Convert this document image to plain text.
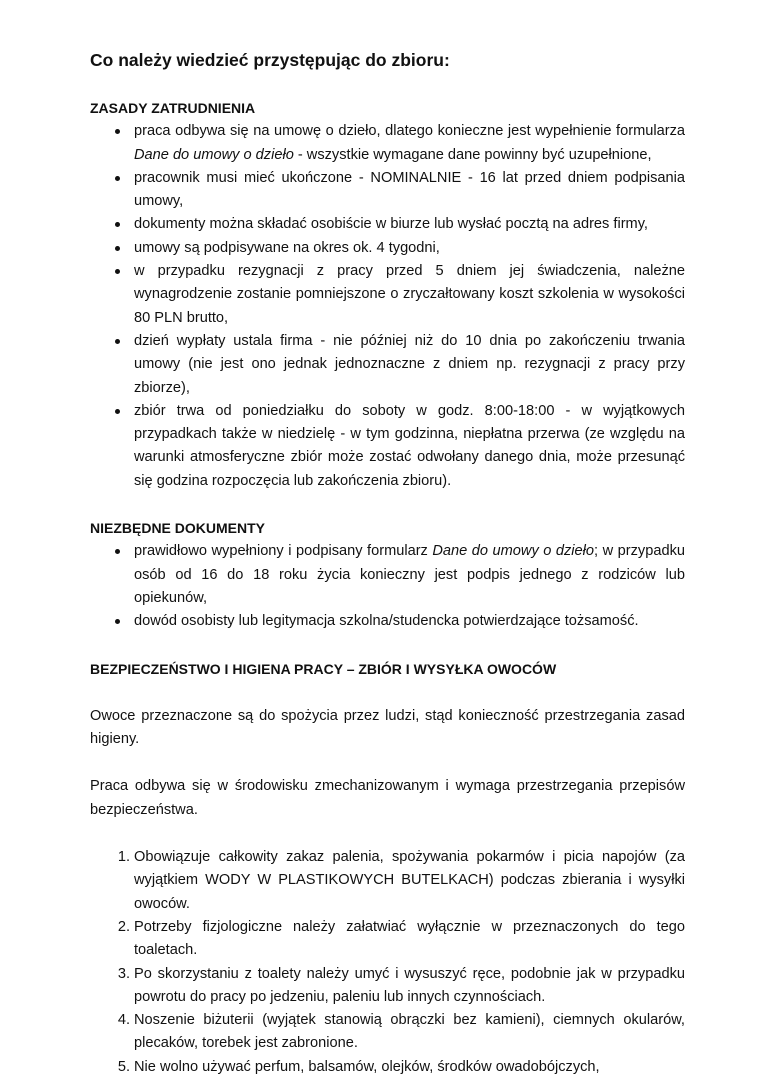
Co należy wiedzieć przystępując do zbioru:
ZASADY ZATRUDNIENIA
praca odbywa się na umowę o dzieło, dlatego konieczne jest wypełnienie formularza Dane do umowy o dzieło - wszystkie wymagane dane powinny być uzupełnione,
pracownik musi mieć ukończone - NOMINALNIE - 16 lat przed dniem podpisania umowy,
dokumenty można składać osobiście w biurze lub wysłać pocztą na adres firmy,
umowy są podpisywane na okres ok. 4 tygodni,
w przypadku rezygnacji z pracy przed 5 dniem jej świadczenia, należne wynagrodzenie zostanie pomniejszone o zryczałtowany koszt szkolenia w wysokości 80 PLN brutto,
dzień wypłaty ustala firma - nie później niż do 10 dnia po zakończeniu trwania umowy (nie jest ono jednak jednoznaczne z dniem np. rezygnacji z pracy przy zbiorze),
zbiór trwa od poniedziałku do soboty w godz. 8:00-18:00 - w wyjątkowych przypadkach także w niedzielę - w tym godzinna, niepłatna przerwa (ze względu na warunki atmosferyczne zbiór może zostać odwołany danego dnia, może przesunąć się godzina rozpoczęcia lub zakończenia zbioru).
NIEZBĘDNE DOKUMENTY
prawidłowo wypełniony i podpisany formularz Dane do umowy o dzieło; w przypadku osób od 16 do 18 roku życia konieczny jest podpis jednego z rodziców lub opiekunów,
dowód osobisty lub legitymacja szkolna/studencka potwierdzające tożsamość.
BEZPIECZEŃSTWO I HIGIENA PRACY – ZBIÓR I WYSYŁKA OWOCÓW

Owoce przeznaczone są do spożycia przez ludzi, stąd konieczność przestrzegania zasad higieny.

Praca odbywa się w środowisku zmechanizowanym i wymaga przestrzegania przepisów bezpieczeństwa.

1. Obowiązuje całkowity zakaz palenia, spożywania pokarmów i picia napojów (za wyjątkiem WODY W PLASTIKOWYCH BUTELKACH) podczas zbierania i wysyłki owoców.
2. Potrzeby fizjologiczne należy załatwiać wyłącznie w przeznaczonych do tego toaletach.
3. Po skorzystaniu z toalety należy umyć i wysuszyć ręce, podobnie jak w przypadku powrotu do pracy po jedzeniu, paleniu lub innych czynnościach.
4. Noszenie biżuterii (wyjątek stanowią obrączki bez kamieni), ciemnych okularów, plecaków, torebek jest zabronione.
5. Nie wolno używać perfum, balsamów, olejków, środków owadobójczych,
